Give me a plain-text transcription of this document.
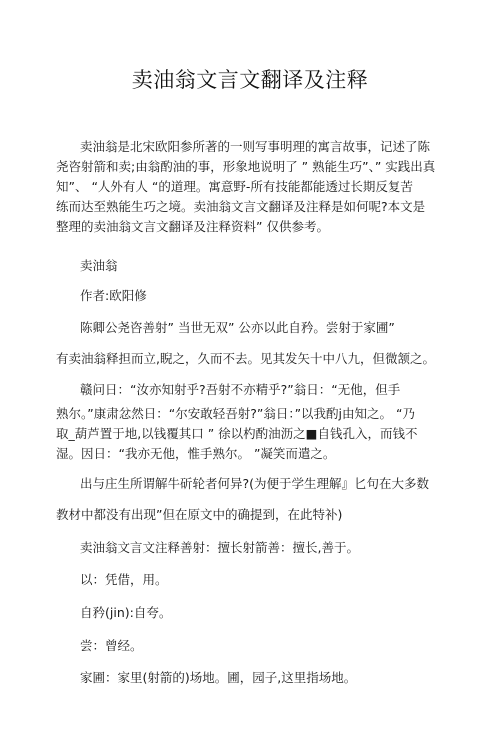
卖油翁文言文翻译及注释
卖油翁是北宋欧阳参所著的一则写事明理的寓言故事，记述了陈
尧咨射箭和卖;由翁酌油的事，形象地说明了 ” 熟能生巧”、” 实践出真
知”、 “人外有人 “的道理。寓意野-所有技能都能透过长期反复苦
练而达至熟能生巧之境。卖油翁文言文翻译及注释是如何呢?本文是
整理的卖油翁文言文翻译及注释资料” 仅供参考。
卖油翁
作者:欧阳修
陈卿公尧咨善射” 当世无双” 公亦以此自矜。尝射于家圃”
有卖油翁释担而立,睨之，久而不去。见其发矢十中八九，但微颔之。
赣问日：“汝亦知射乎?吾射不亦精乎?”翁日：“无他，但手
熟尔。”康肃忿然日：“尔安敢轻吾射?”翁日：”以我酌j由知之。 “乃
取_葫芦置于地,以钱覆其口 ” 徐以杓酌油沥之■自钱孔入，而钱不
湿。因日：“我亦无他，惟手熟尔。 ”凝笑而遣之。
出与庄生所谓解牛斫轮者何异?(为便于学生理解』匕句在大多数
教材中都没有出现”但在原文中的确提到，在此特补)
卖油翁文言文注释善射：擅长射箭善：擅长,善于。
以：凭借，用。
自矜(jin):自夸。
尝：曾经。
家圃：家里(射箭的)场地。圃，园子,这里指场地。
